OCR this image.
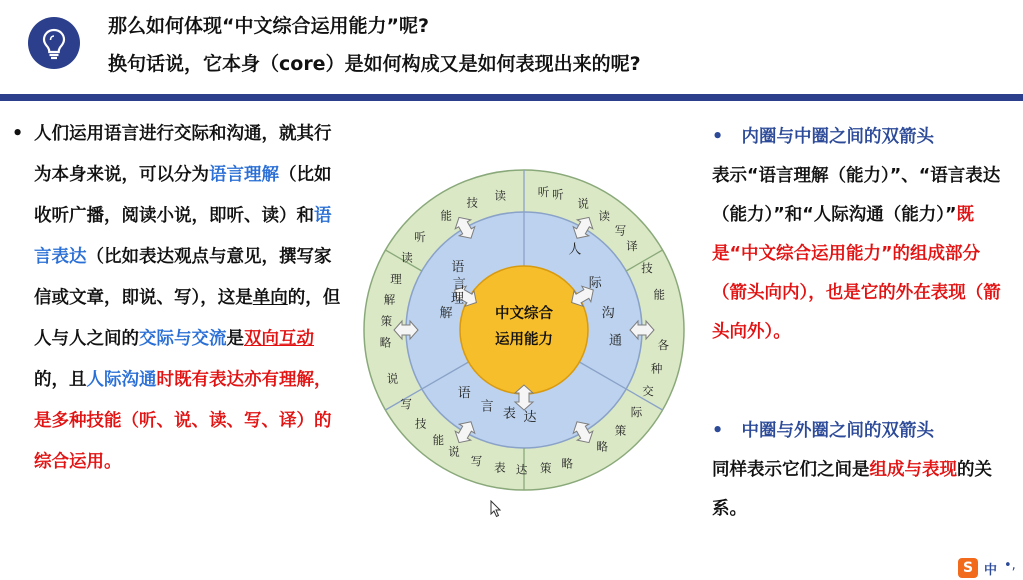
那么如何体现“中文综合运用能力”呢?
换句话说，它本身（core）是如何构成又是如何表现出来的呢?
• 人们运用语言进行交际和沟通，就其行为本身来说，可以分为语言理解（比如收听广播，阅读小说，即听、读）和语言表达（比如表达观点与意见，撰写家信或文章，即说、写），这是单向的，但人与人之间的交际与交流是双向互动的，且人际沟通时既有表达亦有理解，是多种技能（听、说、读、写、译）的综合运用。
中文综合
运用能力
语
言
理
解
人
际
沟
通
语
言 表 达
听
读
技
能
听
说
读
写
译
技
能
听
读
理
解
策
略
说
写
技
能
说
写 表 达 策 略
各
种
交
际
策
略
• 内圈与中圈之间的双箭头
表示“语言理解（能力）”、“语言表达（能力）”和“人际沟通（能力）”既是“中文综合运用能力”的组成部分（箭头向内），也是它的外在表现（箭头向外）。
• 中圈与外圈之间的双箭头
同样表示它们之间是组成与表现的关系。
S 中 •,
